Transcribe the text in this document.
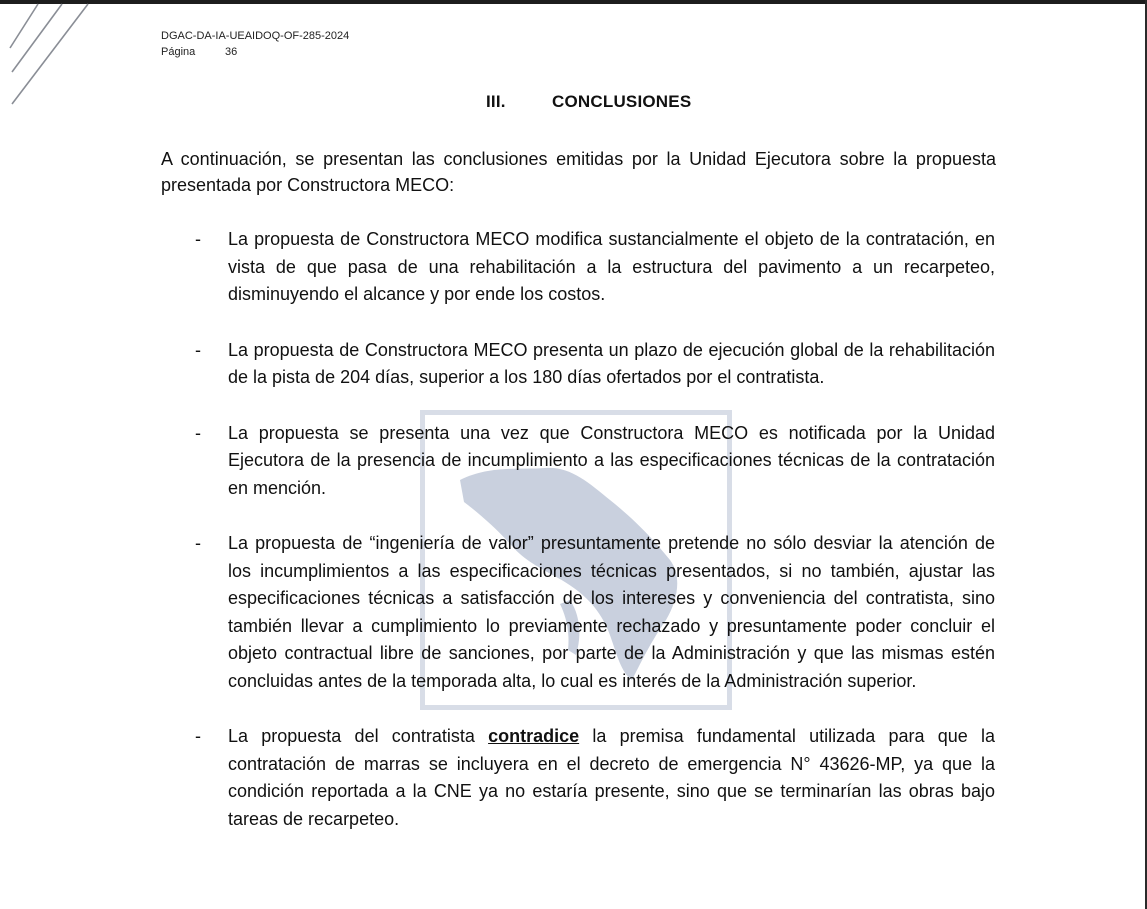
DGAC-DA-IA-UEAIDOQ-OF-285-2024
Página	36
III.	CONCLUSIONES

A continuación, se presentan las conclusiones emitidas por la Unidad Ejecutora sobre la propuesta presentada por Constructora MECO:

- La propuesta de Constructora MECO modifica sustancialmente el objeto de la contratación, en vista de que pasa de una rehabilitación a la estructura del pavimento a un recarpeteo, disminuyendo el alcance y por ende los costos.
- La propuesta de Constructora MECO presenta un plazo de ejecución global de la rehabilitación de la pista de 204 días, superior a los 180 días ofertados por el contratista.
- La propuesta se presenta una vez que Constructora MECO es notificada por la Unidad Ejecutora de la presencia de incumplimiento a las especificaciones técnicas de la contratación en mención.
- La propuesta de “ingeniería de valor” presuntamente pretende no sólo desviar la atención de los incumplimientos a las especificaciones técnicas presentados, si no también, ajustar las especificaciones técnicas a satisfacción de los intereses y conveniencia del contratista, sino también llevar a cumplimiento lo previamente rechazado y presuntamente poder concluir el objeto contractual libre de sanciones, por parte de la Administración y que las mismas estén concluidas antes de la temporada alta, lo cual es interés de la Administración superior.
- La propuesta del contratista contradice la premisa fundamental utilizada para que la contratación de marras se incluyera en el decreto de emergencia N° 43626-MP, ya que la condición reportada a la CNE ya no estaría presente, sino que se terminarían las obras bajo tareas de recarpeteo.
